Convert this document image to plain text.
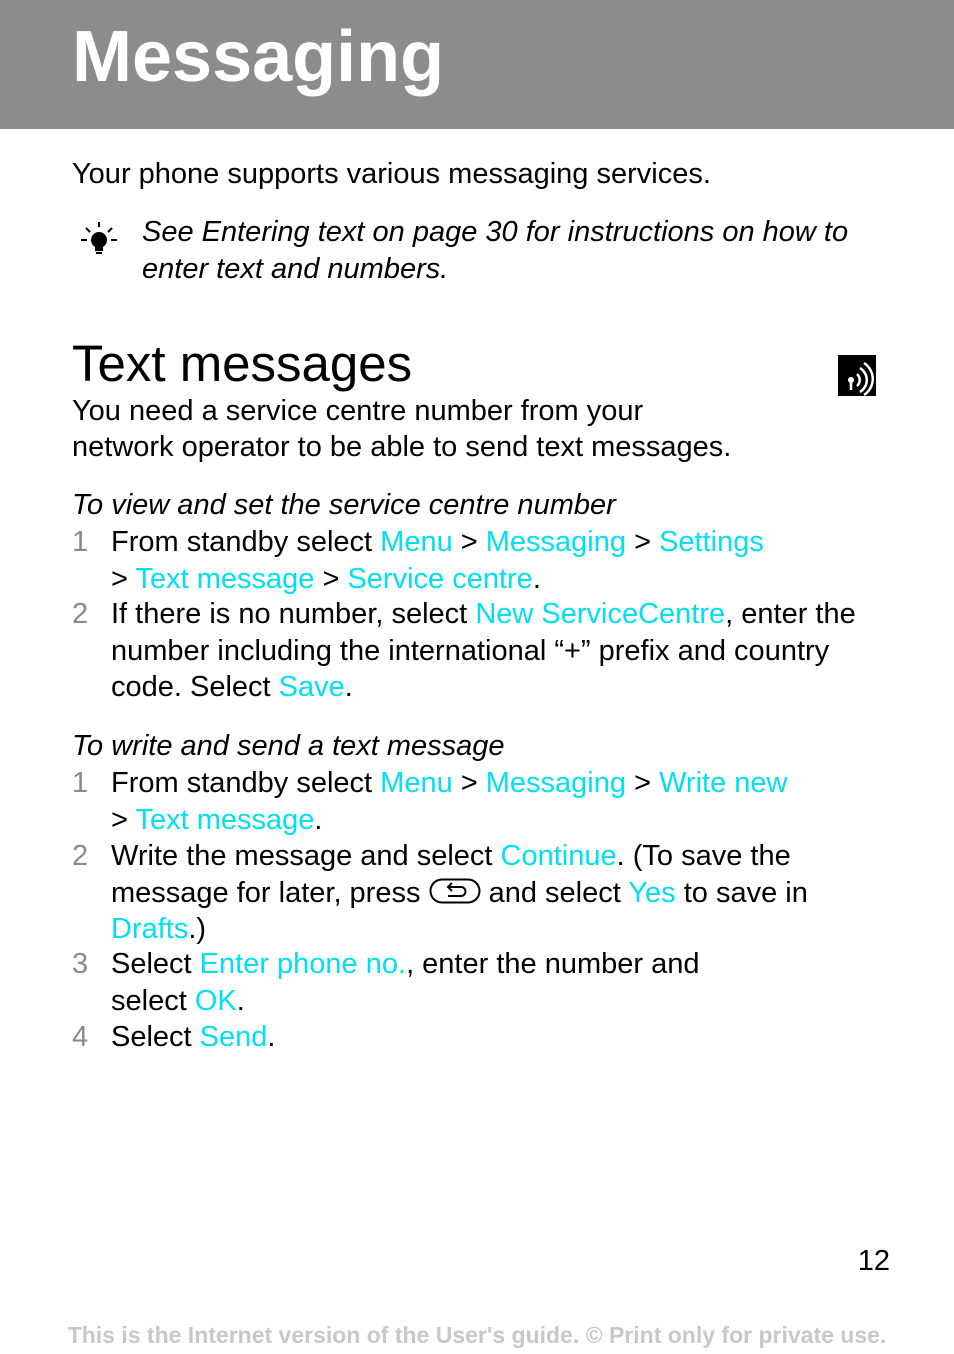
Messaging

Your phone supports various messaging services.

See Entering text on page 30 for instructions on how to enter text and numbers.

Text messages

You need a service centre number from your

network operator to be able to send text messages.

To view and set the service centre number

1 From standby select Menu > Messaging > Settings
> Text message > Service centre.
2 If there is no number, select New ServiceCentre, enter the number including the international “+” prefix and country code. Select Save.

To write and send a text message

1 From standby select Menu > Messaging > Write new
> Text message.
2 Write the message and select Continue. (To save the message for later, press  and select Yes to save in Drafts.)
3 Select Enter phone no., enter the number and
select OK.
4 Select Send.
12
This is the Internet version of the User's guide. © Print only for private use.
